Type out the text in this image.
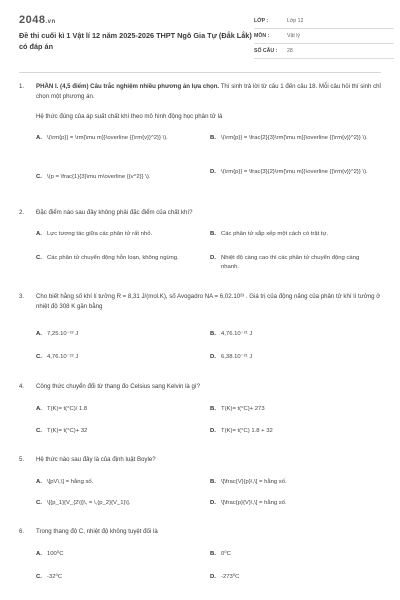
2048.vn
Đề thi cuối kì 1 Vật lí 12 năm 2025-2026 THPT Ngô Gia Tự (Đắk Lắk) có đáp án
LỚP :	Lớp 12
MÔN :	Vật lý
SỐ CÂU : 28
1.	PHẦN I. (4,5 điểm) Câu trắc nghiệm nhiều phương án lựa chọn. Thí sinh trả lời từ câu 1 đến câu 18. Mỗi câu hỏi thí sinh chỉ chọn một phương án.
Hệ thức đúng của áp suất chất khí theo mô hình động học phân tử là
A. \(\rm{p}} = \rm{\mu m}}\overline {{\rm{v}}^2}} \).	B. \(\rm{p}} = \frac{2}{3}\rm{\mu m}}\overline {{\rm{v}}^2}} \).
C. \(p = \frac{1}{3}\mu m\overline {{v^2}} \).
D. \(\rm{p}} = \frac{3}{2}\rm{\mu m}}\overline {{\rm{v}}^2}} \).
2.	Đặc điểm nào sau đây không phải đặc điểm của chất khí?
A. Lực tương tác giữa các phân tử rất nhỏ.	B. Các phân tử sắp xếp một cách có trật tự.
C. Các phân tử chuyển động hỗn loạn, không ngừng.	D. Nhiệt độ càng cao thì các phân tử chuyển động càng nhanh.
3.	Cho biết hằng số khí lí tưởng R = 8,31 J/(mol.K), số Avogadro NA = 6,02.10²³ . Giá trị của động năng của phân tử khí lí tưởng ở nhiệt độ 308 K gần bằng
A. 7,25.10⁻²² J	B. 4,76.10⁻²¹ J
C. 4,76.10⁻²² J	D. 6,38.10⁻²¹ J
4.	Công thức chuyển đổi từ thang đo Celsius sang Kelvin là gì?
A. T(K)= t(°C)/ 1.8	B. T(K)= t(°C)+ 273
C. T(K)= t(°C)+ 32	D. T(K)= t(°C) 1.8 + 32
5.	Hệ thức nào sau đây là của định luật Boyle?
A. \[pV\,\] = hằng số.	B. \[\frac{V}{p}\,\] = hằng số.
C. \[{p_1}{V_{2\}}\, = \,{p_2}{V_1}\].	D. \[\frac{p}{V}\,\] = hằng số.
6.	Trong thang độ C, nhiệt độ không tuyệt đối là
A. 100⁰C	B. 0⁰C
C. -32⁰C	D. -273⁰C
